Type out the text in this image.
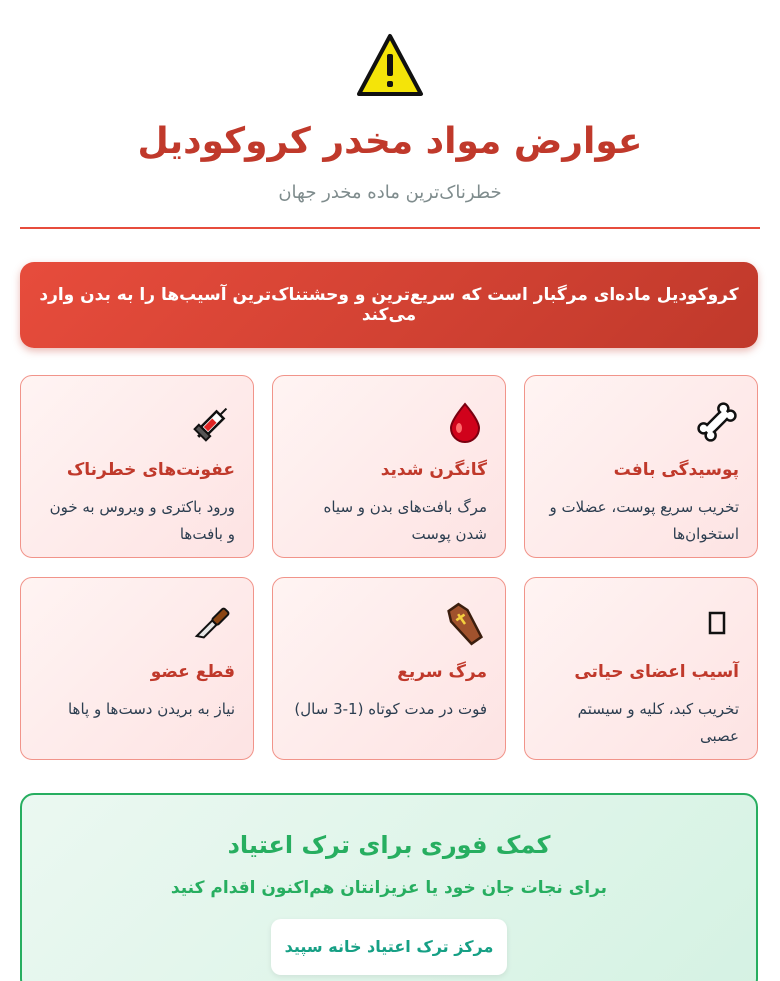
عوارض مواد مخدر کروکودیل

خطرناک‌ترین ماده مخدر جهان

کروکودیل ماده‌ای مرگبار است که سریع‌ترین و وحشتناک‌ترین آسیب‌ها را به بدن وارد می‌کند
پوسیدگی بافت
تخریب سریع پوست، عضلات و استخوان‌ها
گانگرن شدید
مرگ بافت‌های بدن و سیاه شدن پوست
عفونت‌های خطرناک
ورود باکتری و ویروس به خون و بافت‌ها
آسیب اعضای حیاتی
تخریب کبد، کلیه و سیستم عصبی
مرگ سریع
فوت در مدت کوتاه (1-3 سال)
قطع عضو
نیاز به بریدن دست‌ها و پاها
کمک فوری برای ترک اعتیاد
برای نجات جان خود یا عزیزانتان هم‌اکنون اقدام کنید
مرکز ترک اعتیاد خانه سپید
